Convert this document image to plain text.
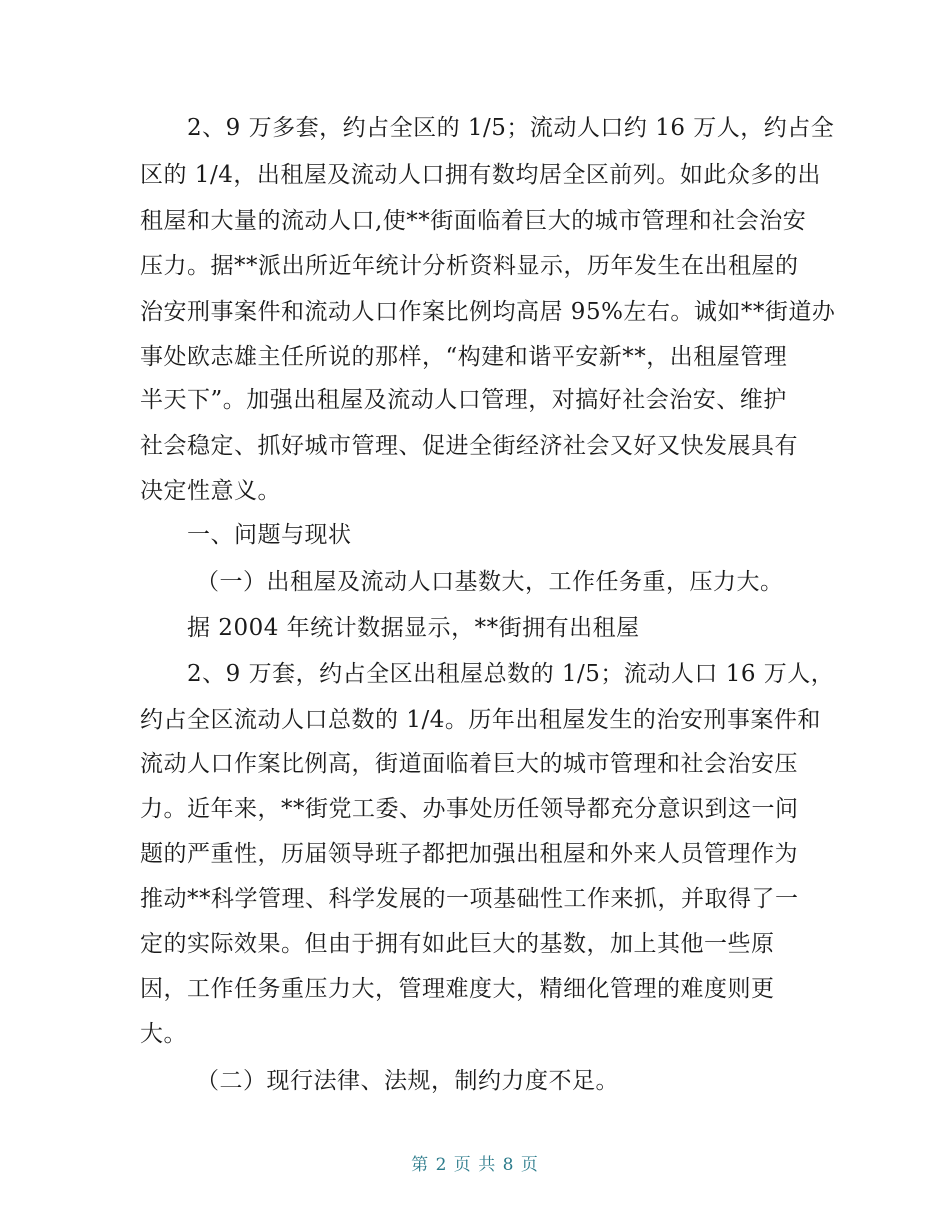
2、9 万多套，约占全区的 1/5；流动人口约 16 万人，约占全
区的 1/4，出租屋及流动人口拥有数均居全区前列。如此众多的出
租屋和大量的流动人口,使**街面临着巨大的城市管理和社会治安
压力。据**派出所近年统计分析资料显示，历年发生在出租屋的
治安刑事案件和流动人口作案比例均高居 95%左右。诚如**街道办
事处欧志雄主任所说的那样，“构建和谐平安新**，出租屋管理
半天下”。加强出租屋及流动人口管理，对搞好社会治安、维护
社会稳定、抓好城市管理、促进全街经济社会又好又快发展具有
决定性意义。
一、问题与现状
（一）出租屋及流动人口基数大，工作任务重，压力大。
据 2004 年统计数据显示，**街拥有出租屋
2、9 万套，约占全区出租屋总数的 1/5；流动人口 16 万人，
约占全区流动人口总数的 1/4。历年出租屋发生的治安刑事案件和
流动人口作案比例高，街道面临着巨大的城市管理和社会治安压
力。近年来，**街党工委、办事处历任领导都充分意识到这一问
题的严重性，历届领导班子都把加强出租屋和外来人员管理作为
推动**科学管理、科学发展的一项基础性工作来抓，并取得了一
定的实际效果。但由于拥有如此巨大的基数，加上其他一些原
因，工作任务重压力大，管理难度大，精细化管理的难度则更
大。
（二）现行法律、法规，制约力度不足。
第 2 页 共 8 页
